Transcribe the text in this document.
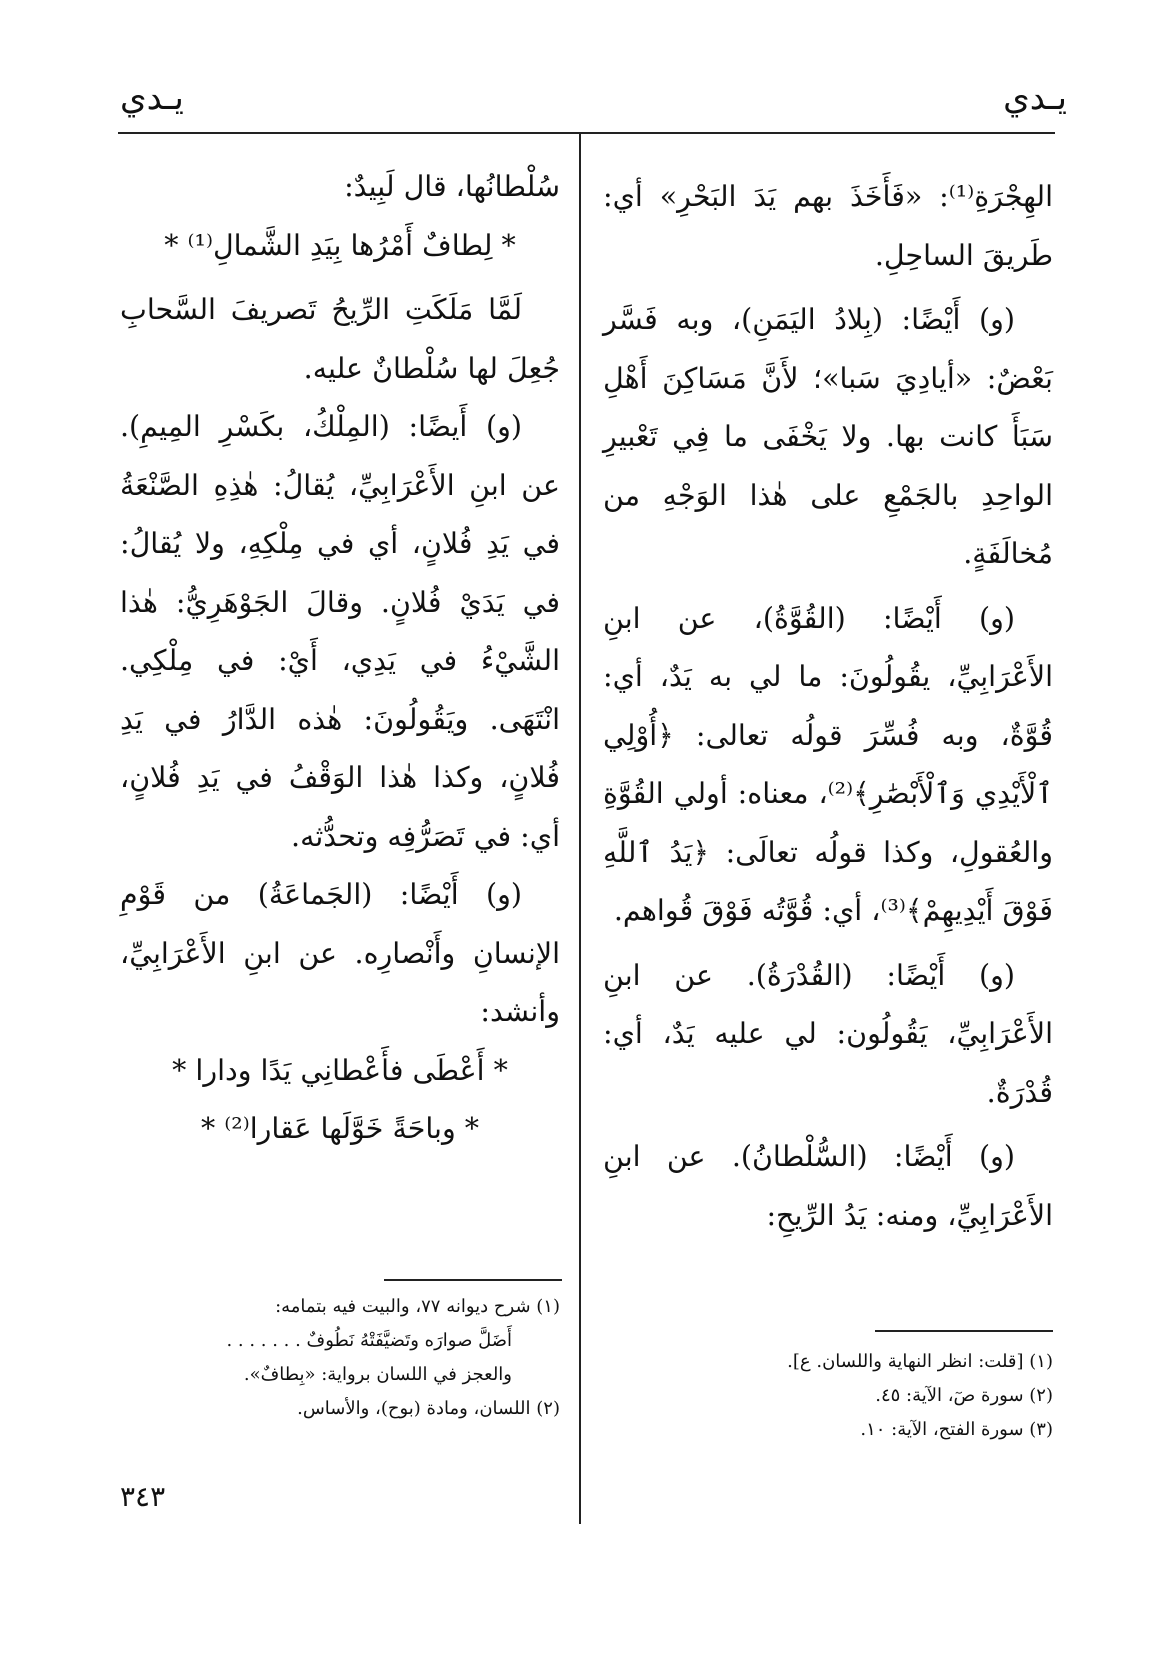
يـدي
يـدي

الهِجْرَةِ⁽¹⁾: «فَأَخَذَ بهم يَدَ البَحْرِ» أي: طَريقَ الساحِلِ.

(و) أَيْضًا: (بِلادُ اليَمَنِ)، وبه فَسَّر بَعْضٌ: «أيادِيَ سَبا»؛ لأَنَّ مَسَاكِنَ أَهْلِ سَبَأَ كانت بها. ولا يَخْفَى ما فِي تَعْبيرِ الواحِدِ بالجَمْعِ على هٰذا الوَجْهِ من مُخالَفَةٍ.

(و) أَيْضًا: (القُوَّةُ)، عن ابنِ الأَعْرَابِيِّ، يقُولُونَ: ما لي به يَدٌ، أي: قُوَّةٌ، وبه فُسِّرَ قولُه تعالى: ﴿أُوْلِي ٱلْأَيْدِي وَٱلْأَبْصَٰرِ﴾⁽²⁾، معناه: أولي القُوَّةِ والعُقولِ، وكذا قولُه تعالَى: ﴿يَدُ ٱللَّهِ فَوْقَ أَيْدِيهِمْ﴾⁽³⁾، أي: قُوَّتُه فَوْقَ قُواهم.

(و) أَيْضًا: (القُدْرَةُ). عن ابنِ الأَعْرَابِيِّ، يَقُولُون: لي عليه يَدٌ، أي: قُدْرَةٌ.

(و) أَيْضًا: (السُّلْطانُ). عن ابنِ الأَعْرَابِيِّ، ومنه: يَدُ الرِّيحِ:

سُلْطانُها، قال لَبِيدٌ:

* لِطافٌ أَمْرُها بِيَدِ الشَّمالِ⁽¹⁾ *

لَمَّا مَلَكَتِ الرِّيحُ تَصريفَ السَّحابِ جُعِلَ لها سُلْطانٌ عليه.

(و) أَيضًا: (المِلْكُ، بكَسْرِ المِيمِ). عن ابنِ الأَعْرَابِيِّ، يُقالُ: هٰذِهِ الصَّنْعَةُ في يَدِ فُلانٍ، أي في مِلْكِهِ، ولا يُقالُ: في يَدَيْ فُلانٍ. وقالَ الجَوْهَرِيُّ: هٰذا الشَّيْءُ في يَدِي، أَيْ: في مِلْكِي. انْتَهَى. ويَقُولُونَ: هٰذه الدَّارُ في يَدِ فُلانٍ، وكذا هٰذا الوَقْفُ في يَدِ فُلانٍ، أي: في تَصَرُّفِه وتحدُّثه.

(و) أَيْضًا: (الجَماعَةُ) من قَوْمِ الإنسانِ وأَنْصارِه. عن ابنِ الأَعْرَابِيِّ، وأنشد:

* أَعْطَى فأَعْطانِي يَدًا ودارا *

* وباحَةً خَوَّلَها عَقارا⁽²⁾ *

(١) شرح ديوانه ٧٧، والبيت فيه بتمامه:

أَضَلَّ صوارَه وتَضيَّفَتْهُ نَطُوفٌ . . . . . . .

والعجز في اللسان برواية: «بِطافٌ».

(٢) اللسان، ومادة (بوح)، والأساس.

(١) [قلت: انظر النهاية واللسان. ع].

(٢) سورة صٓ، الآية: ٤٥.

(٣) سورة الفتح، الآية: ١٠.

٣٤٣
